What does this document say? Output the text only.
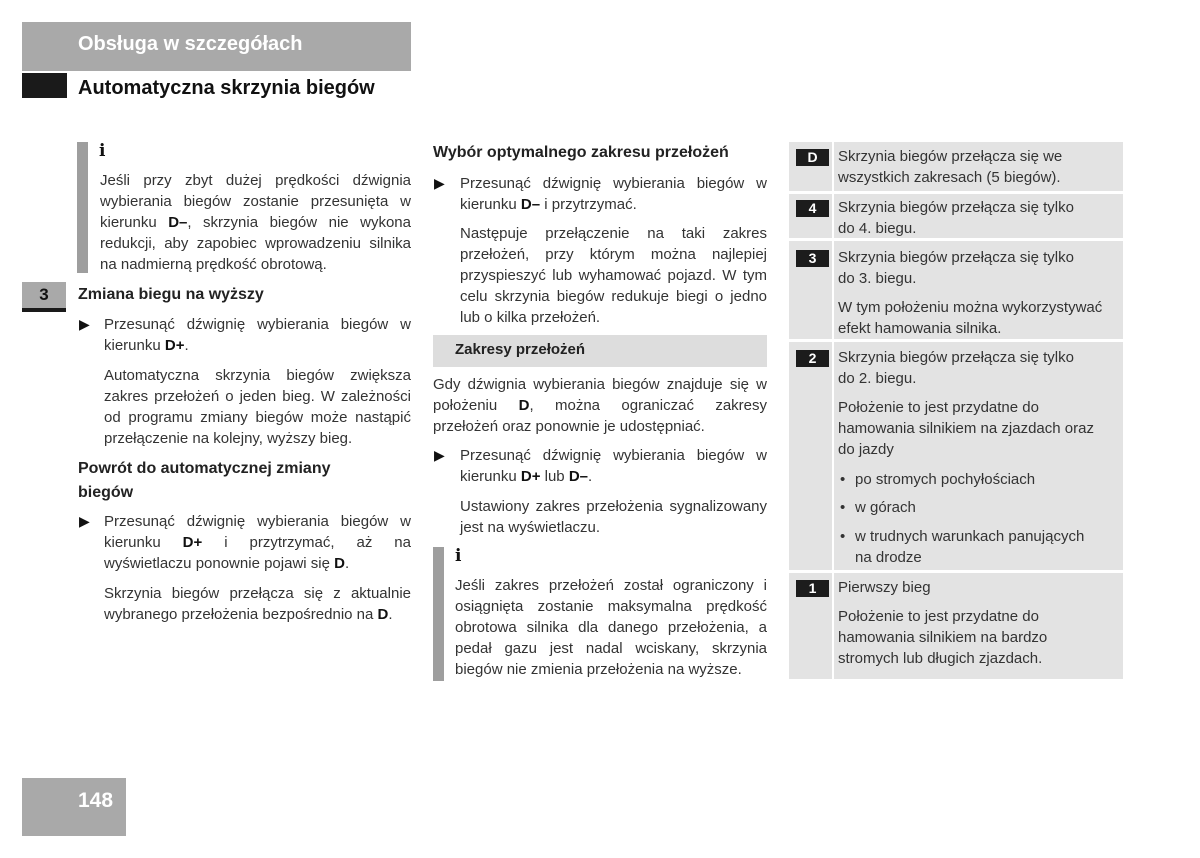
Obsługa w szczegółach
Automatyczna skrzynia biegów
i
Jeśli przy zbyt dużej prędkości dźwignia wybierania biegów zostanie przesunięta w kierunku D–, skrzynia biegów nie wykona redukcji, aby zapobiec wprowadzeniu silnika na nadmierną prędkość obrotową.
3	Zmiana biegu na wyższy
▶ Przesunąć dźwignię wybierania biegów w kierunku D+.
Automatyczna skrzynia biegów zwiększa zakres przełożeń o jeden bieg. W zależności od programu zmiany biegów może nastąpić przełączenie na kolejny, wyższy bieg.
Powrót do automatycznej zmiany
biegów
▶ Przesunąć dźwignię wybierania biegów w kierunku D+ i przytrzymać, aż na wyświetlaczu ponownie pojawi się D.
Skrzynia biegów przełącza się z aktualnie wybranego przełożenia bezpośrednio na D.
Wybór optymalnego zakresu przełożeń
▶ Przesunąć dźwignię wybierania biegów w kierunku D– i przytrzymać.
Następuje przełączenie na taki zakres przełożeń, przy którym można najlepiej przyspieszyć lub wyhamować pojazd. W tym celu skrzynia biegów redukuje biegi o jedno lub o kilka przełożeń.
Zakresy przełożeń
Gdy dźwignia wybierania biegów znajduje się w położeniu D, można ograniczać zakresy przełożeń oraz ponownie je udostępniać.
▶ Przesunąć dźwignię wybierania biegów w kierunku D+ lub D–.
Ustawiony zakres przełożenia sygnalizowany jest na wyświetlaczu.
i
Jeśli zakres przełożeń został ograniczony i osiągnięta zostanie maksymalna prędkość obrotowa silnika dla danego przełożenia, a pedał gazu jest nadal wciskany, skrzynia biegów nie zmienia przełożenia na wyższe.
D	Skrzynia biegów przełącza się we
wszystkich zakresach (5 biegów).
4	Skrzynia biegów przełącza się tylko
do 4. biegu.
3	Skrzynia biegów przełącza się tylko
do 3. biegu.
W tym położeniu można wykorzystywać
efekt hamowania silnika.
2	Skrzynia biegów przełącza się tylko
do 2. biegu.
Położenie to jest przydatne do
hamowania silnikiem na zjazdach oraz
do jazdy
• po stromych pochyłościach
• w górach
• w trudnych warunkach panujących
na drodze
1	Pierwszy bieg
Położenie to jest przydatne do
hamowania silnikiem na bardzo
stromych lub długich zjazdach.
148
